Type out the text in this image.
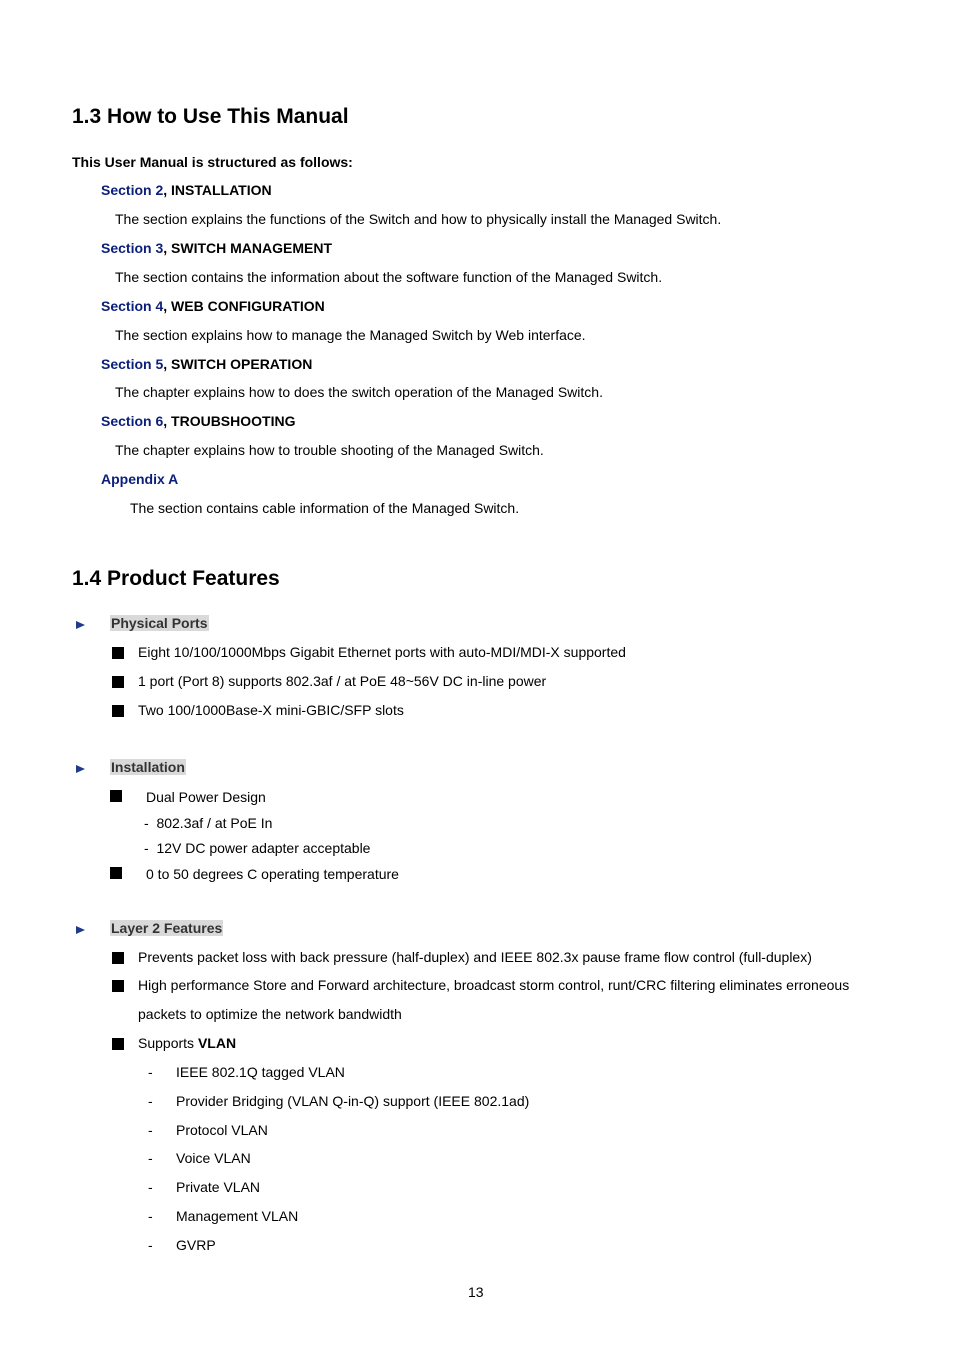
1.3 How to Use This Manual
This User Manual is structured as follows:
Section 2, INSTALLATION
The section explains the functions of the Switch and how to physically install the Managed Switch.
Section 3, SWITCH MANAGEMENT
The section contains the information about the software function of the Managed Switch.
Section 4, WEB CONFIGURATION
The section explains how to manage the Managed Switch by Web interface.
Section 5, SWITCH OPERATION
The chapter explains how to does the switch operation of the Managed Switch.
Section 6, TROUBSHOOTING
The chapter explains how to trouble shooting of the Managed Switch.
Appendix A
The section contains cable information of the Managed Switch.
1.4 Product Features
Physical Ports
Eight 10/100/1000Mbps Gigabit Ethernet ports with auto-MDI/MDI-X supported
1 port (Port 8) supports 802.3af / at PoE 48~56V DC in-line power
Two 100/1000Base-X mini-GBIC/SFP slots
Installation
Dual Power Design
- 802.3af / at PoE In
- 12V DC power adapter acceptable
0 to 50 degrees C operating temperature
Layer 2 Features
Prevents packet loss with back pressure (half-duplex) and IEEE 802.3x pause frame flow control (full-duplex)
High performance Store and Forward architecture, broadcast storm control, runt/CRC filtering eliminates erroneous
packets to optimize the network bandwidth
Supports VLAN
- IEEE 802.1Q tagged VLAN
- Provider Bridging (VLAN Q-in-Q) support (IEEE 802.1ad)
- Protocol VLAN
- Voice VLAN
- Private VLAN
- Management VLAN
- GVRP
13
